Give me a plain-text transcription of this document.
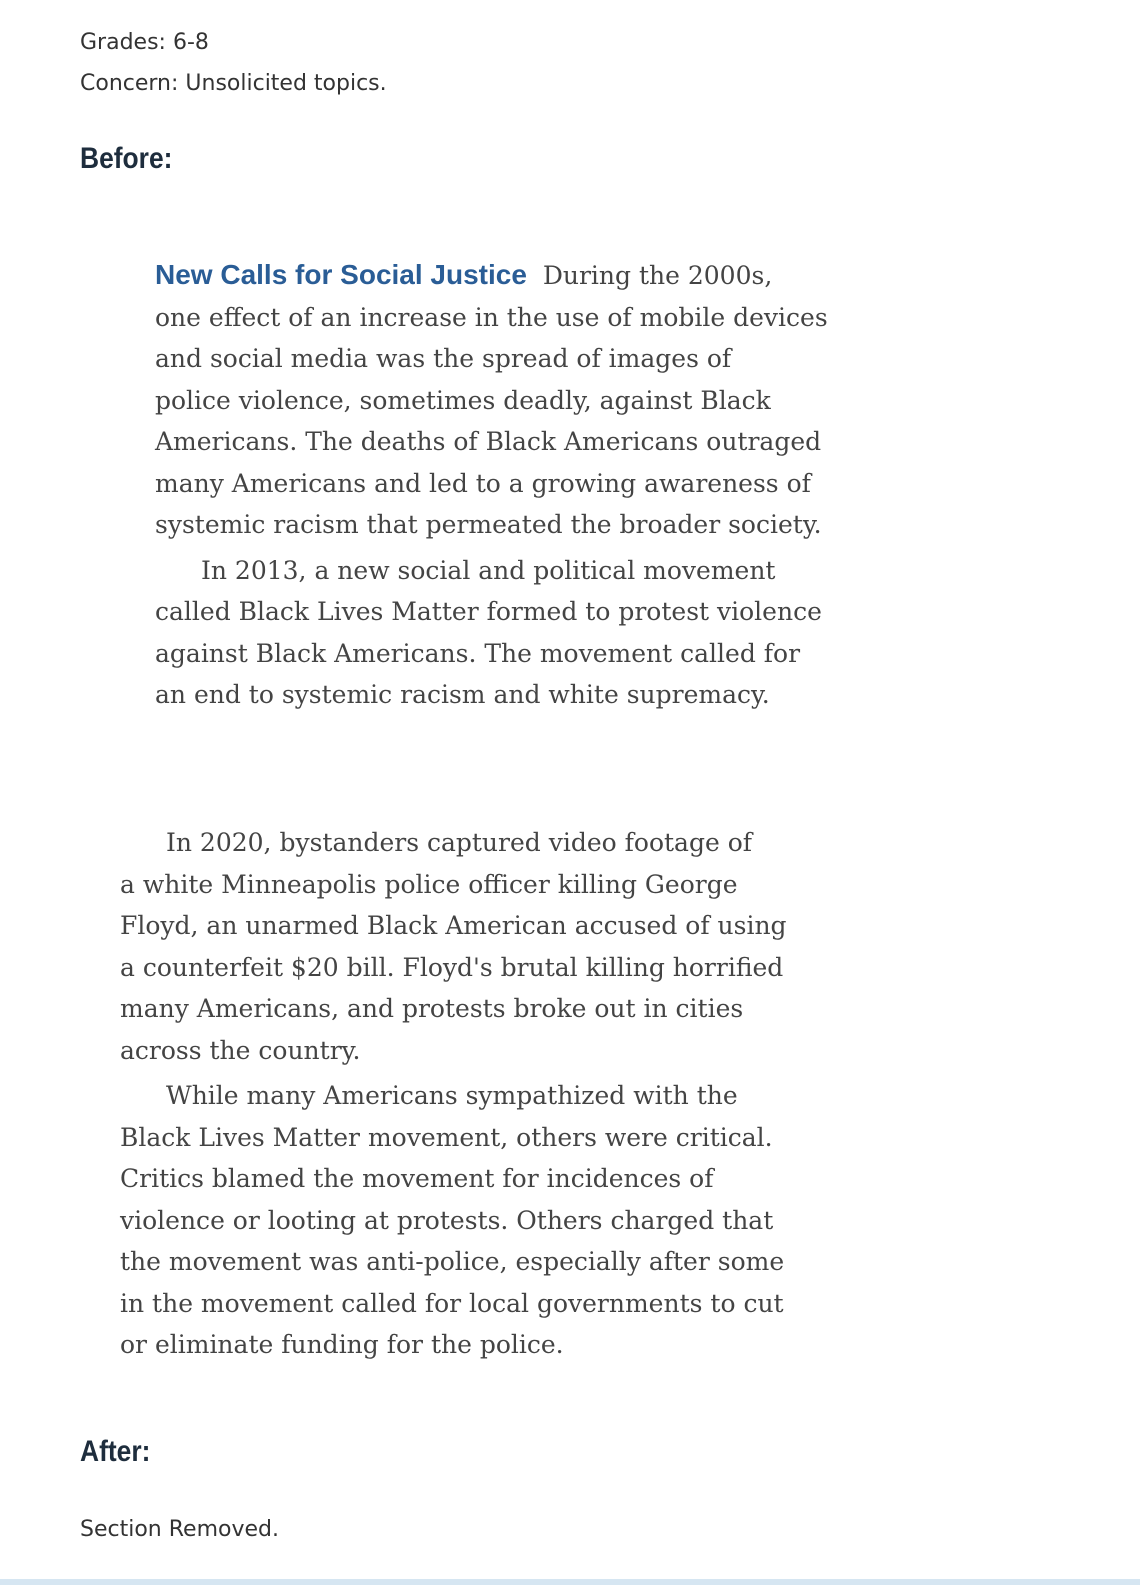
Grades: 6-8
Concern: Unsolicited topics.
Before:
New Calls for Social Justice During the 2000s,
one effect of an increase in the use of mobile devices
and social media was the spread of images of
police violence, sometimes deadly, against Black
Americans. The deaths of Black Americans outraged
many Americans and led to a growing awareness of
systemic racism that permeated the broader society.
In 2013, a new social and political movement
called Black Lives Matter formed to protest violence
against Black Americans. The movement called for
an end to systemic racism and white supremacy.
In 2020, bystanders captured video footage of
a white Minneapolis police officer killing George
Floyd, an unarmed Black American accused of using
a counterfeit $20 bill. Floyd's brutal killing horrified
many Americans, and protests broke out in cities
across the country.
While many Americans sympathized with the
Black Lives Matter movement, others were critical.
Critics blamed the movement for incidences of
violence or looting at protests. Others charged that
the movement was anti-police, especially after some
in the movement called for local governments to cut
or eliminate funding for the police.
After:
Section Removed.
